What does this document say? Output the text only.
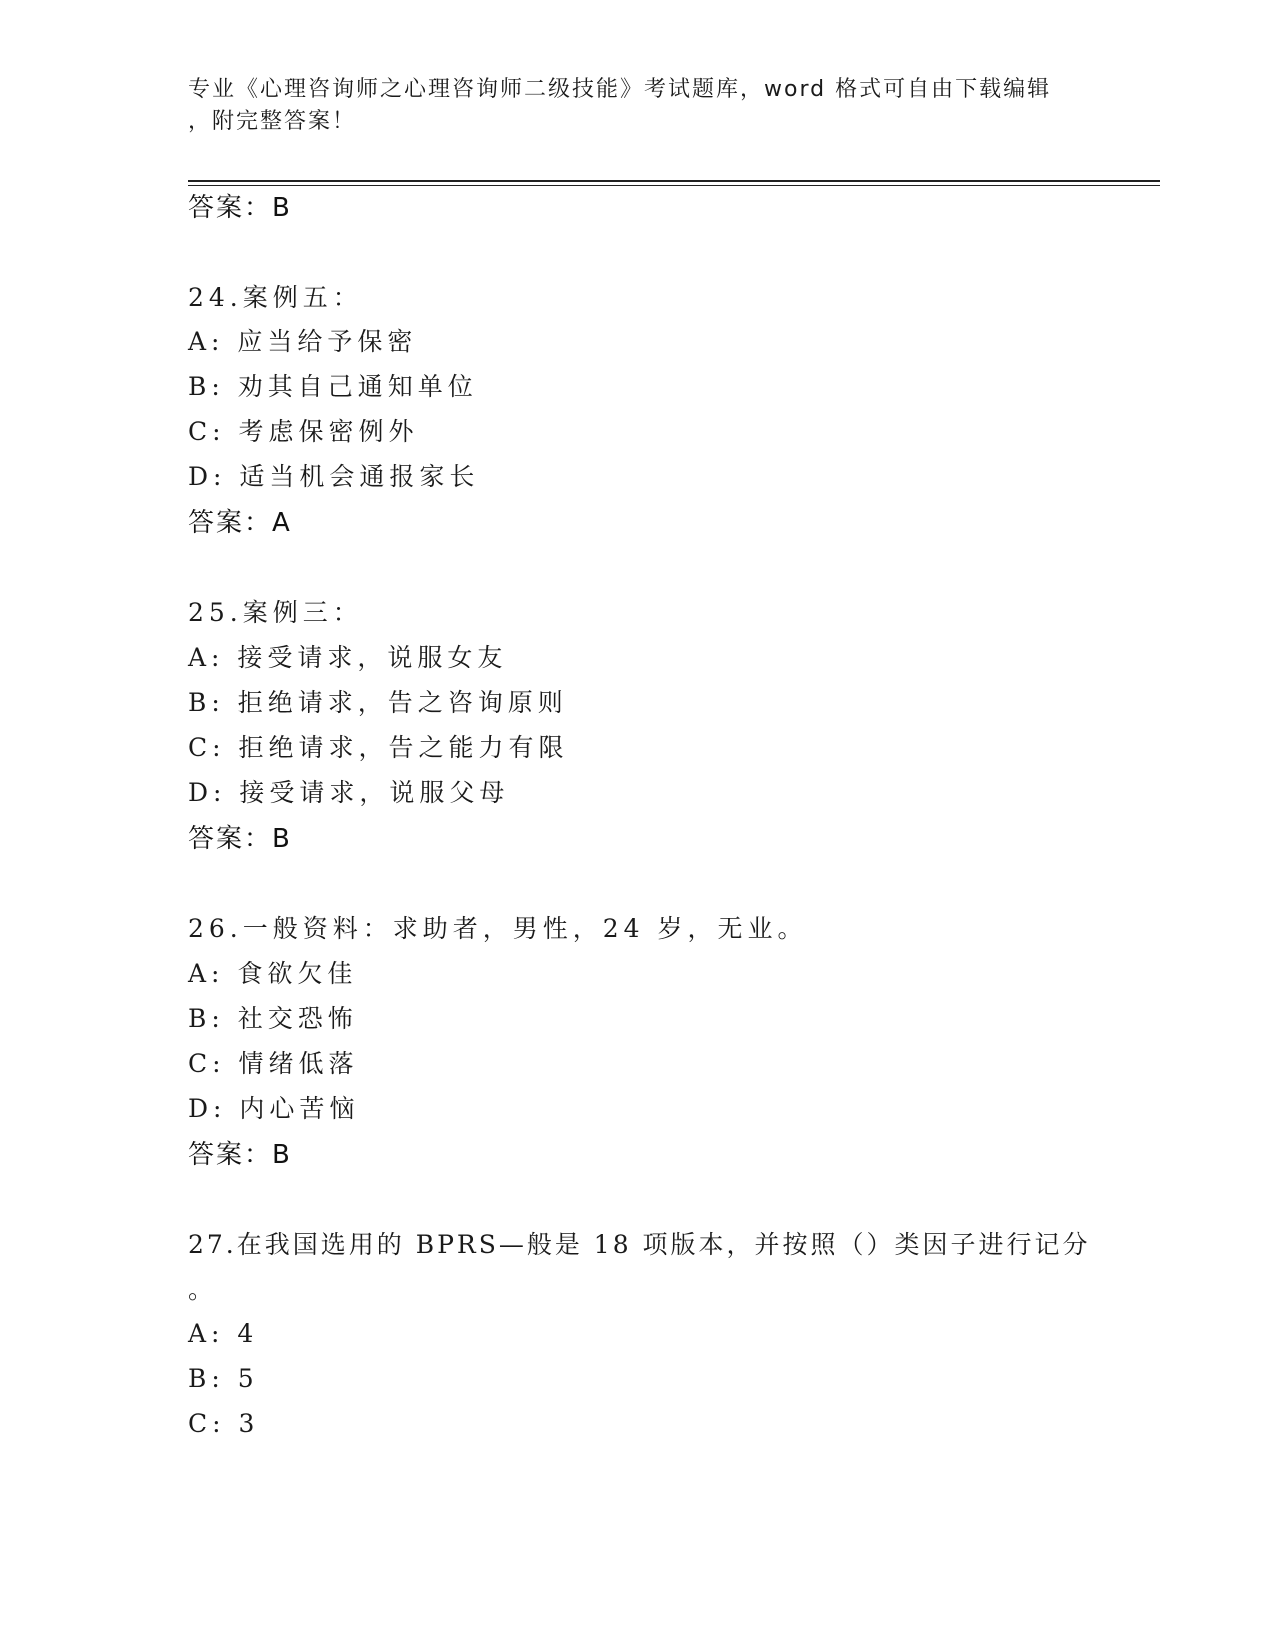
专业《心理咨询师之心理咨询师二级技能》考试题库，word 格式可自由下载编辑
，附完整答案！
答案：B
24.案例五：
A: 应当给予保密
B: 劝其自己通知单位
C: 考虑保密例外
D: 适当机会通报家长
答案：A
25.案例三：
A: 接受请求，说服女友
B: 拒绝请求，告之咨询原则
C: 拒绝请求，告之能力有限
D: 接受请求，说服父母
答案：B
26.一般资料：求助者，男性，24 岁，无业。
A: 食欲欠佳
B: 社交恐怖
C: 情绪低落
D: 内心苦恼
答案：B
27.在我国选用的 BPRS—般是 18 项版本，并按照（）类因子进行记分
。
A: 4
B: 5
C: 3
